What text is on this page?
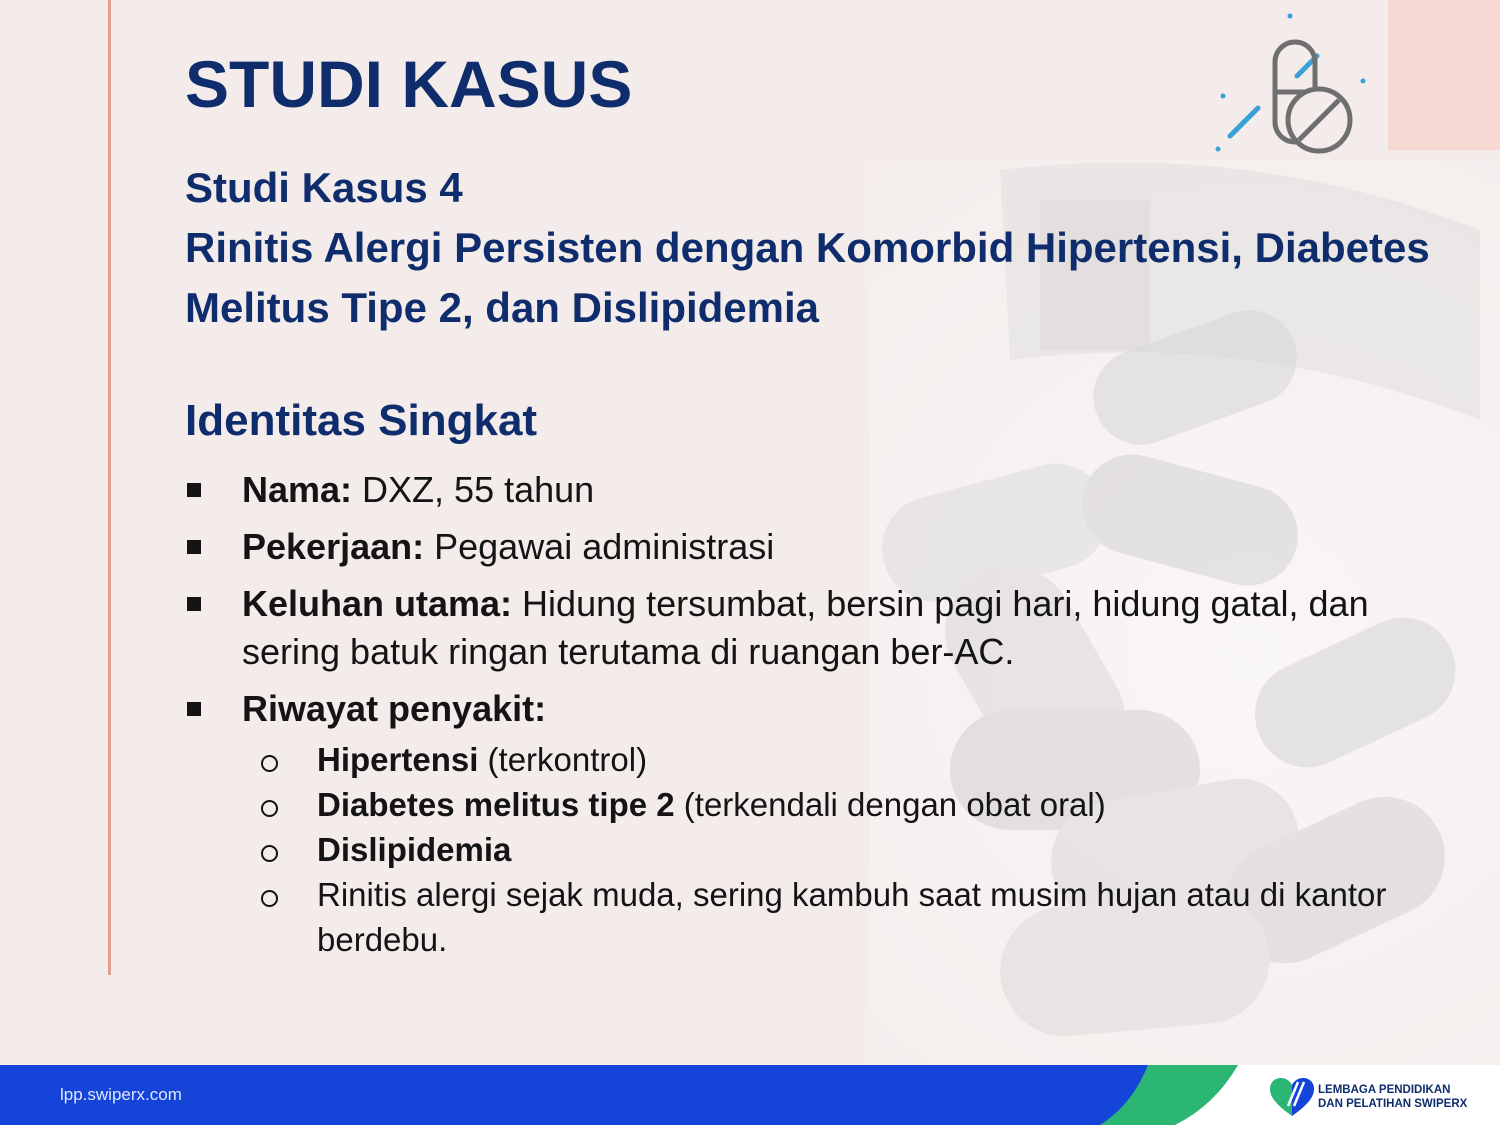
STUDI KASUS
Studi Kasus 4
Rinitis Alergi Persisten dengan Komorbid Hipertensi, Diabetes
Melitus Tipe 2, dan Dislipidemia
Identitas Singkat
Nama: DXZ, 55 tahun
Pekerjaan: Pegawai administrasi
Keluhan utama: Hidung tersumbat, bersin pagi hari, hidung gatal, dan sering batuk ringan terutama di ruangan ber-AC.
Riwayat penyakit:
Hipertensi (terkontrol)
Diabetes melitus tipe 2 (terkendali dengan obat oral)
Dislipidemia
Rinitis alergi sejak muda, sering kambuh saat musim hujan atau di kantor berdebu.
lpp.swiperx.com	LEMBAGA PENDIDIKAN
DAN PELATIHAN SWIPERX
